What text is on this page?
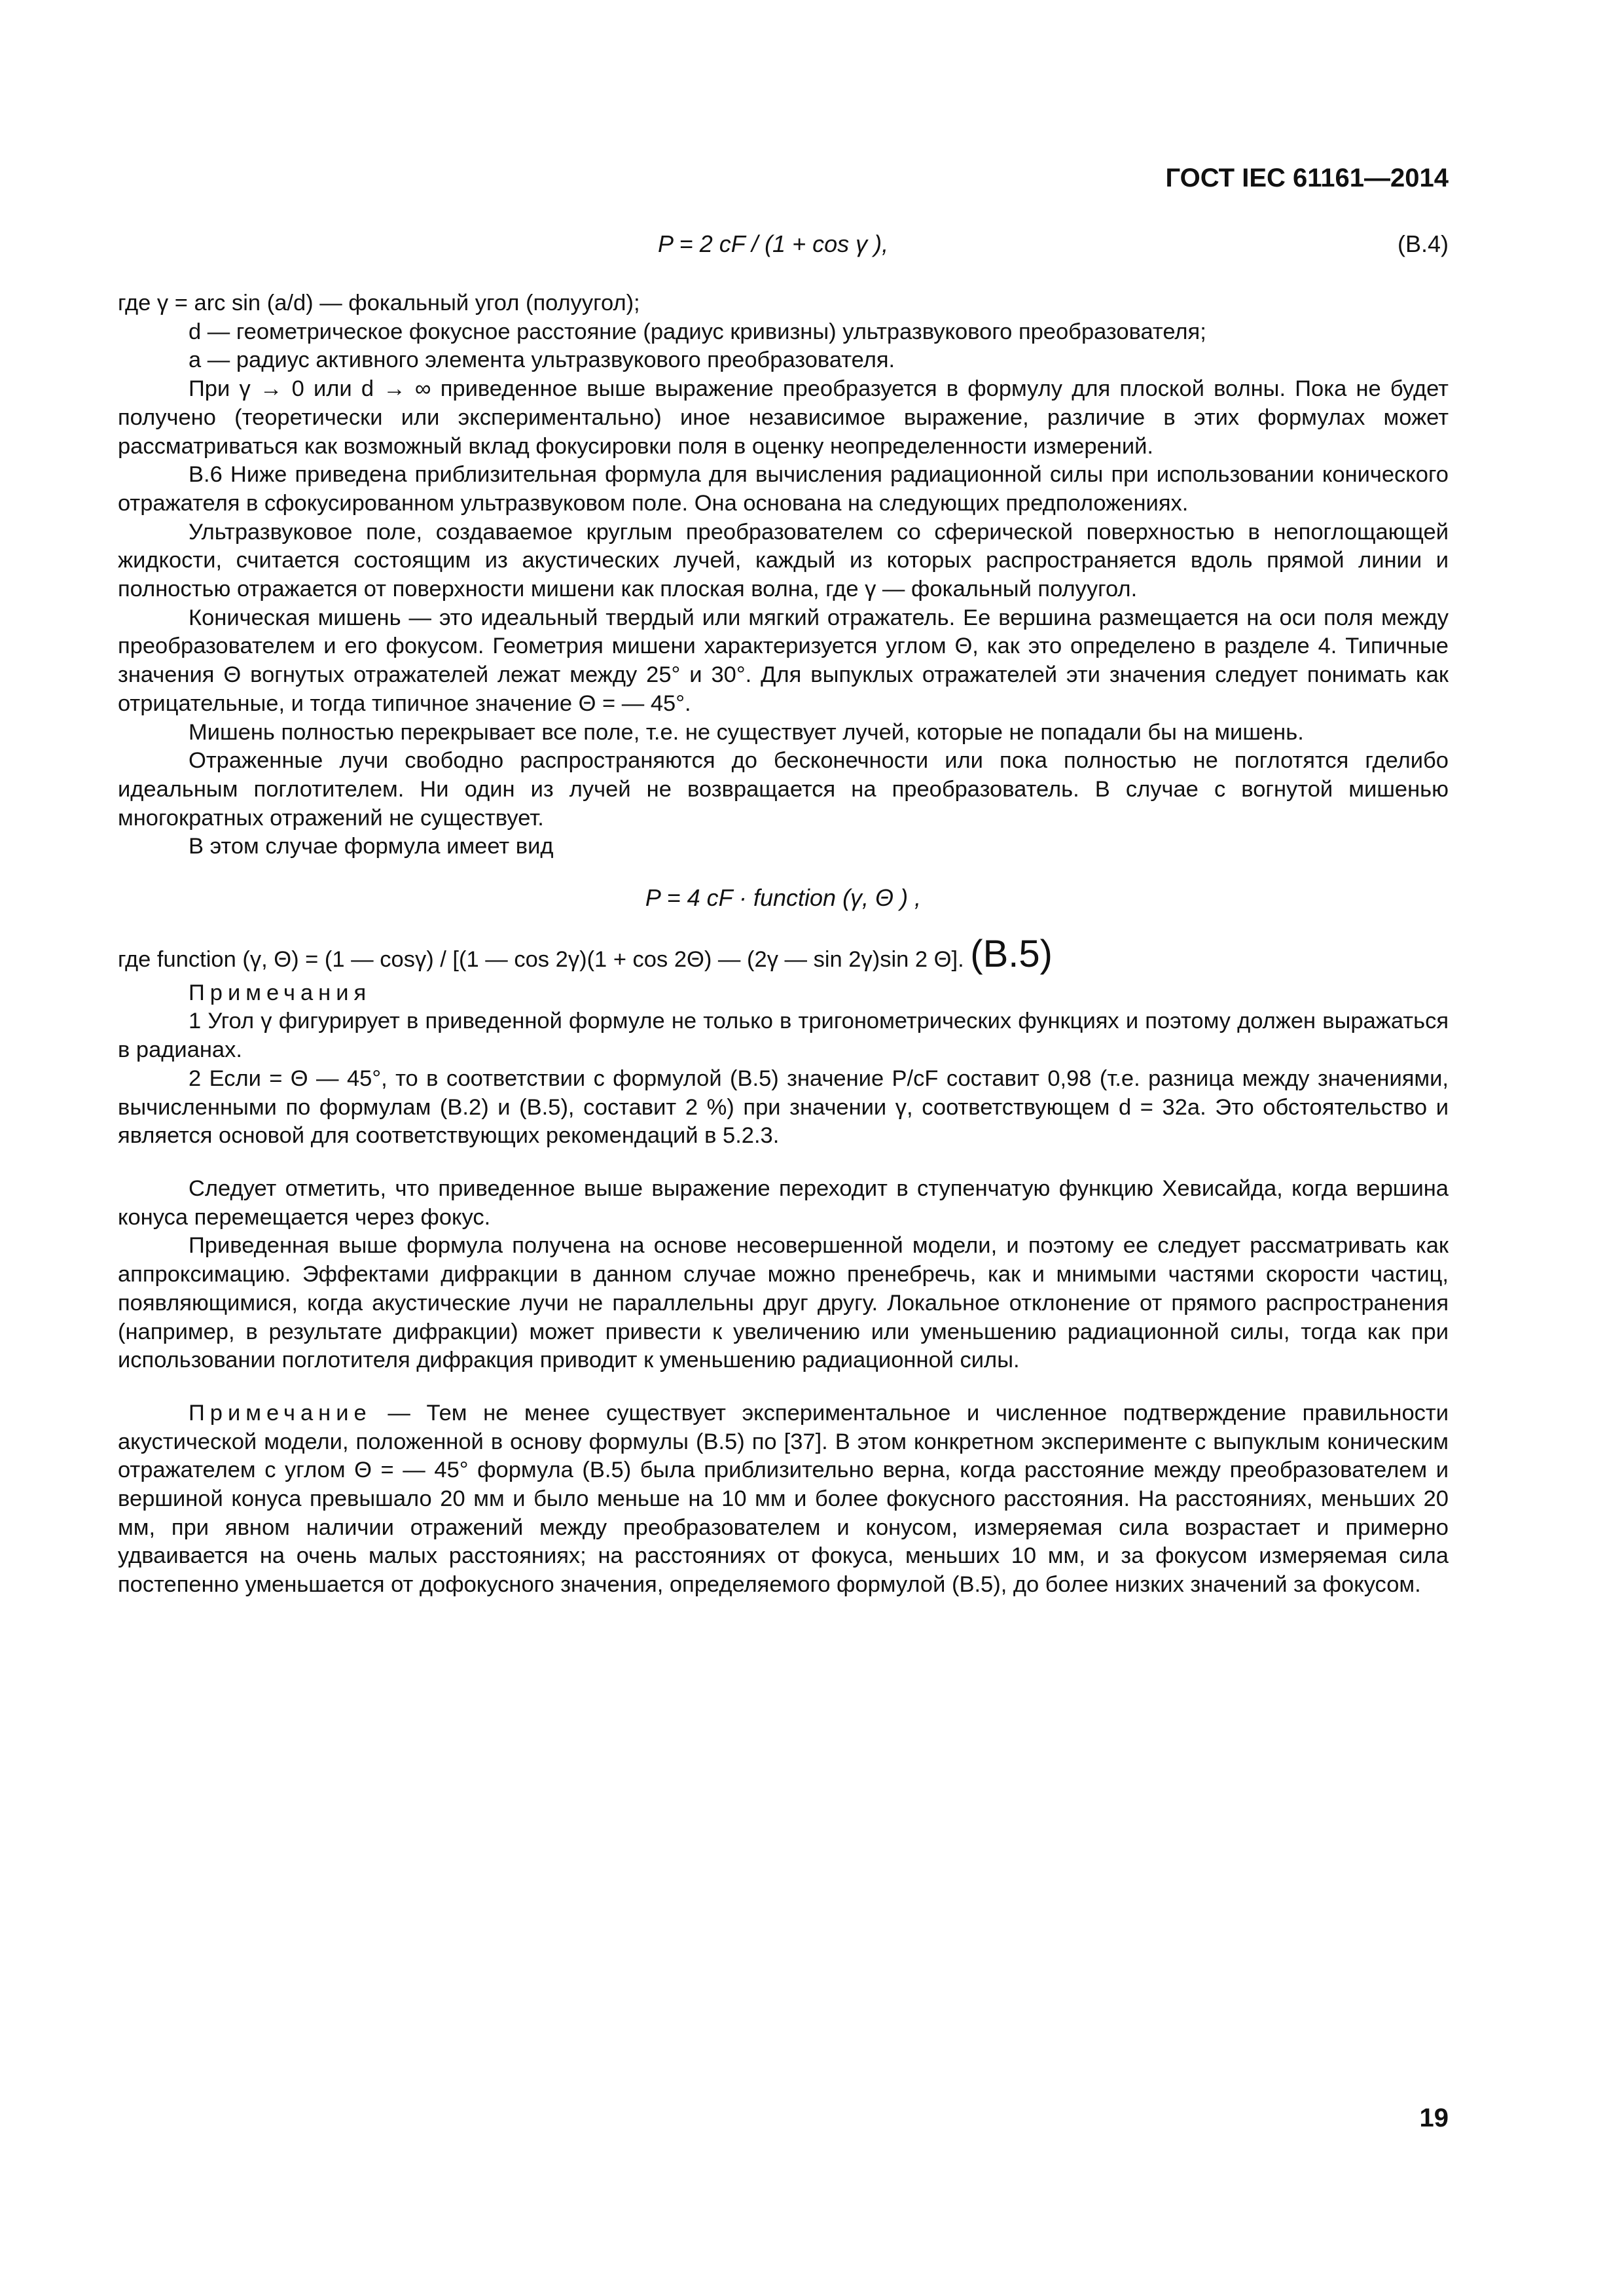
ГОСТ IEC 61161—2014
P = 2 cF / (1 + cos γ ),	(В.4)

где γ = arc sin (a/d) — фокальный угол (полуугол);

d — геометрическое фокусное расстояние (радиус кривизны) ультразвукового преобразователя;

a — радиус активного элемента ультразвукового преобразователя.

При γ → 0 или d → ∞ приведенное выше выражение преобразуется в формулу для плоской волны. Пока не будет получено (теоретически или экспериментально) иное независимое выражение, различие в этих формулах может рассматриваться как возможный вклад фокусировки поля в оценку неопределенности измерений.

В.6 Ниже приведена приблизительная формула для вычисления радиационной силы при использовании конического отражателя в сфокусированном ультразвуковом поле. Она основана на следующих предположениях.

Ультразвуковое поле, создаваемое круглым преобразователем со сферической поверхностью в непоглощающей жидкости, считается состоящим из акустических лучей, каждый из которых распространяется вдоль прямой линии и полностью отражается от поверхности мишени как плоская волна, где γ — фокальный полуугол.

Коническая мишень — это идеальный твердый или мягкий отражатель. Ее вершина размещается на оси поля между преобразователем и его фокусом. Геометрия мишени характеризуется углом Θ, как это определено в разделе 4. Типичные значения Θ вогнутых отражателей лежат между 25° и 30°. Для выпуклых отражателей эти значения следует понимать как отрицательные, и тогда типичное значение Θ = — 45°.

Мишень полностью перекрывает все поле, т.е. не существует лучей, которые не попадали бы на мишень.

Отраженные лучи свободно распространяются до бесконечности или пока полностью не поглотятся гделибо идеальным поглотителем. Ни один из лучей не возвращается на преобразователь. В случае с вогнутой мишенью многократных отражений не существует.

В этом случае формула имеет вид

P = 4 cF · function (γ, Θ ) ,

где function (γ, Θ) = (1 — cosγ) / [(1 — cos 2γ)(1 + cos 2Θ) — (2γ — sin 2γ)sin 2 Θ]. (В.5)

Примечания

1 Угол γ фигурирует в приведенной формуле не только в тригонометрических функциях и поэтому должен выражаться в радианах.

2 Если = Θ — 45°, то в соответствии с формулой (В.5) значение P/cF составит 0,98 (т.е. разница между значениями, вычисленными по формулам (В.2) и (В.5), составит 2 %) при значении γ, соответствующем d = 32a. Это обстоятельство и является основой для соответствующих рекомендаций в 5.2.3.

Следует отметить, что приведенное выше выражение переходит в ступенчатую функцию Хевисайда, когда вершина конуса перемещается через фокус.

Приведенная выше формула получена на основе несовершенной модели, и поэтому ее следует рассматривать как аппроксимацию. Эффектами дифракции в данном случае можно пренебречь, как и мнимыми частями скорости частиц, появляющимися, когда акустические лучи не параллельны друг другу. Локальное отклонение от прямого распространения (например, в результате дифракции) может привести к увеличению или уменьшению радиационной силы, тогда как при использовании поглотителя дифракция приводит к уменьшению радиационной силы.

Примечание — Тем не менее существует экспериментальное и численное подтверждение правильности акустической модели, положенной в основу формулы (В.5) по [37]. В этом конкретном эксперименте с выпуклым коническим отражателем с углом Θ = — 45° формула (В.5) была приблизительно верна, когда расстояние между преобразователем и вершиной конуса превышало 20 мм и было меньше на 10 мм и более фокусного расстояния. На расстояниях, меньших 20 мм, при явном наличии отражений между преобразователем и конусом, измеряемая сила возрастает и примерно удваивается на очень малых расстояниях; на расстояниях от фокуса, меньших 10 мм, и за фокусом измеряемая сила постепенно уменьшается от дофокусного значения, определяемого формулой (В.5), до более низких значений за фокусом.

19
